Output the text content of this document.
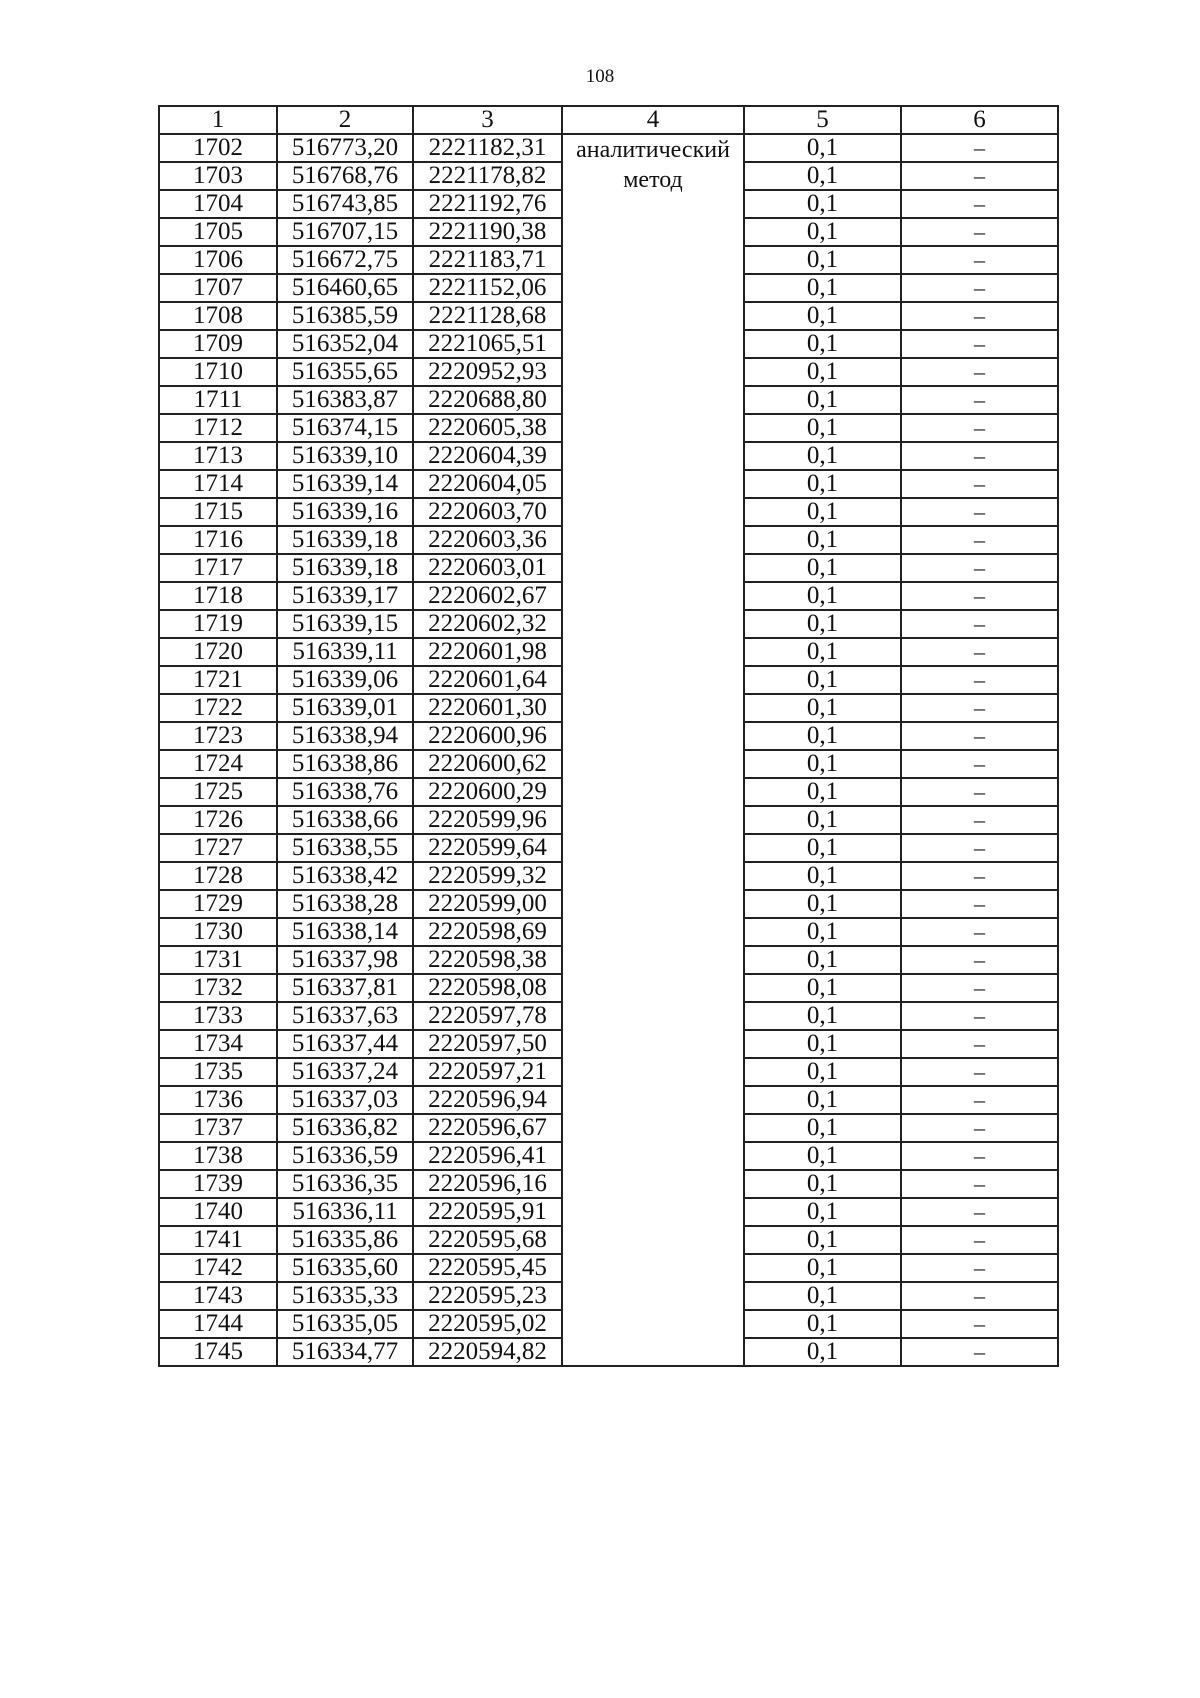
108
1	2	3	4	5	6
1702	516773,20	2221182,31	аналитический метод	0,1	–
1703	516768,76	2221178,82		0,1	–
1704	516743,85	2221192,76		0,1	–
1705	516707,15	2221190,38		0,1	–
1706	516672,75	2221183,71		0,1	–
1707	516460,65	2221152,06		0,1	–
1708	516385,59	2221128,68		0,1	–
1709	516352,04	2221065,51		0,1	–
1710	516355,65	2220952,93		0,1	–
1711	516383,87	2220688,80		0,1	–
1712	516374,15	2220605,38		0,1	–
1713	516339,10	2220604,39		0,1	–
1714	516339,14	2220604,05		0,1	–
1715	516339,16	2220603,70		0,1	–
1716	516339,18	2220603,36		0,1	–
1717	516339,18	2220603,01		0,1	–
1718	516339,17	2220602,67		0,1	–
1719	516339,15	2220602,32		0,1	–
1720	516339,11	2220601,98		0,1	–
1721	516339,06	2220601,64		0,1	–
1722	516339,01	2220601,30		0,1	–
1723	516338,94	2220600,96		0,1	–
1724	516338,86	2220600,62		0,1	–
1725	516338,76	2220600,29		0,1	–
1726	516338,66	2220599,96		0,1	–
1727	516338,55	2220599,64		0,1	–
1728	516338,42	2220599,32		0,1	–
1729	516338,28	2220599,00		0,1	–
1730	516338,14	2220598,69		0,1	–
1731	516337,98	2220598,38		0,1	–
1732	516337,81	2220598,08		0,1	–
1733	516337,63	2220597,78		0,1	–
1734	516337,44	2220597,50		0,1	–
1735	516337,24	2220597,21		0,1	–
1736	516337,03	2220596,94		0,1	–
1737	516336,82	2220596,67		0,1	–
1738	516336,59	2220596,41		0,1	–
1739	516336,35	2220596,16		0,1	–
1740	516336,11	2220595,91		0,1	–
1741	516335,86	2220595,68		0,1	–
1742	516335,60	2220595,45		0,1	–
1743	516335,33	2220595,23		0,1	–
1744	516335,05	2220595,02		0,1	–
1745	516334,77	2220594,82		0,1	–
